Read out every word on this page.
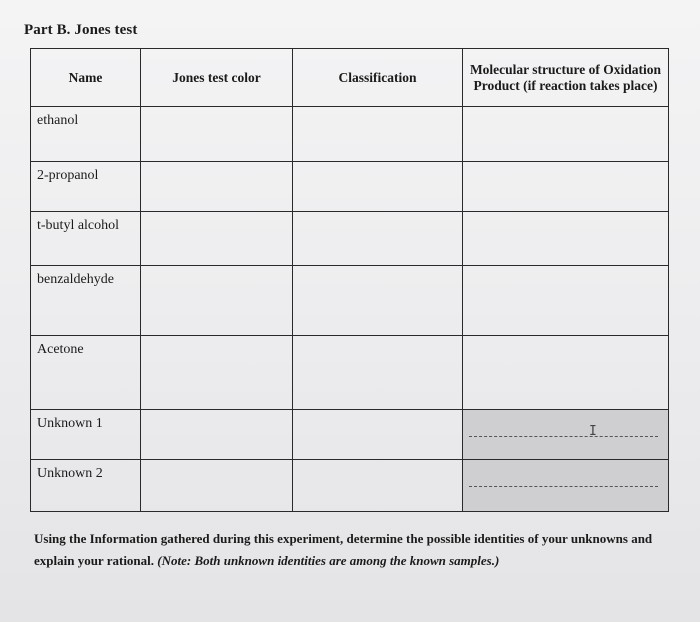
Part B. Jones test
Name	Jones test color	Classification	Molecular structure of Oxidation Product (if reaction takes place)
ethanol			
2-propanol			
t-butyl alcohol			
benzaldehyde			
Acetone			
Unknown 1			I

Unknown 2			
Using the Information gathered during this experiment, determine the possible identities of your unknowns and explain your rational. (Note: Both unknown identities are among the known samples.)
